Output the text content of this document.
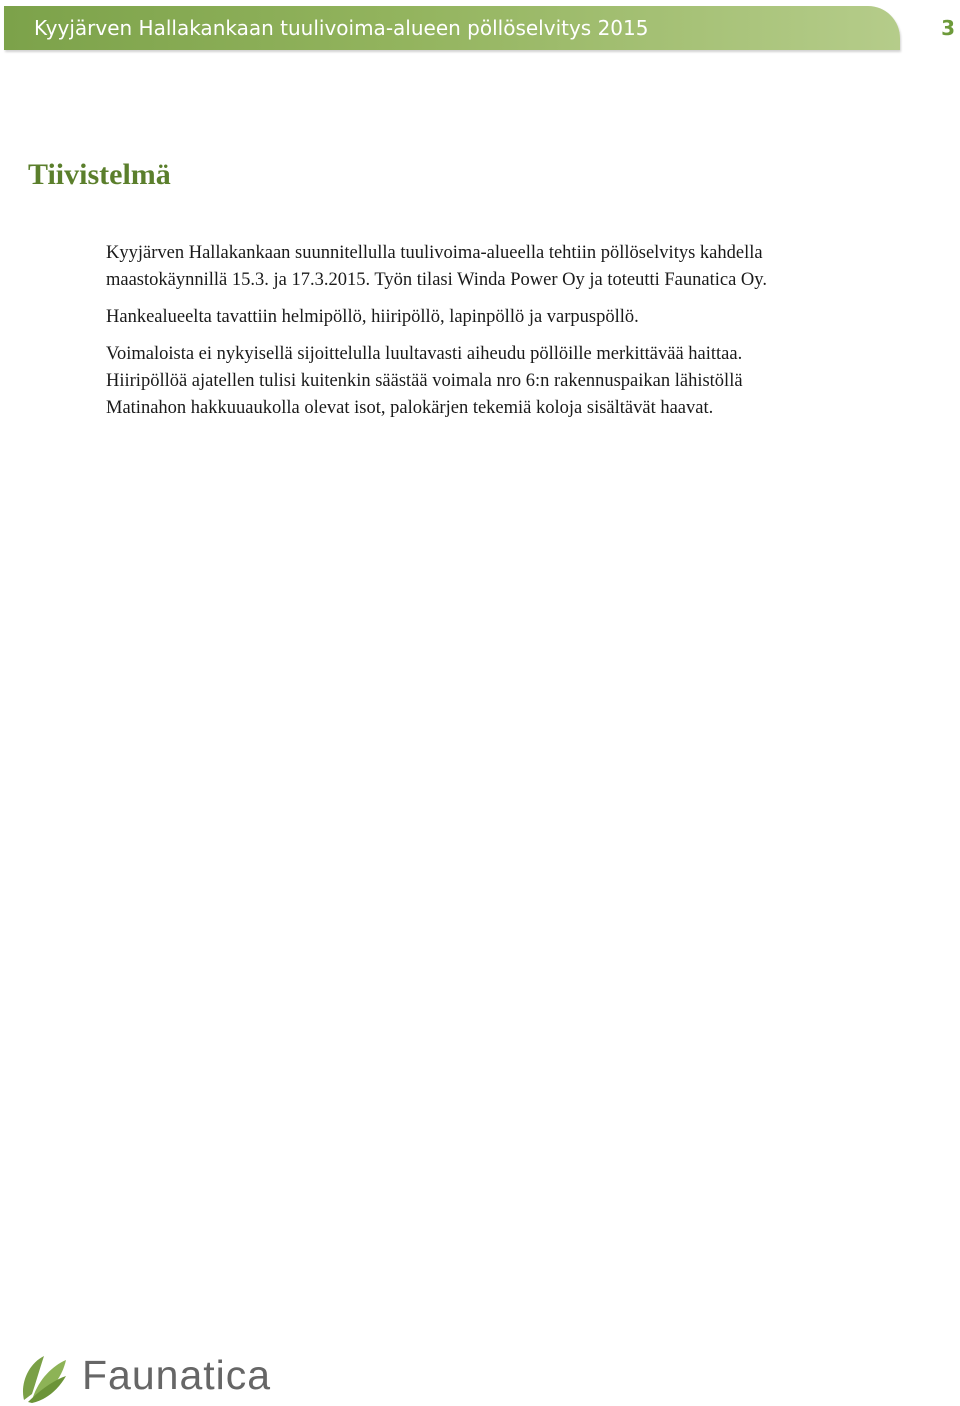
Kyyjärven Hallakankaan tuulivoima-alueen pöllöselvitys 2015	3
Tiivistelmä

Kyyjärven Hallakankaan suunnitellulla tuulivoima-alueella tehtiin pöllöselvitys kahdella
maastokäynnillä 15.3. ja 17.3.2015. Työn tilasi Winda Power Oy ja toteutti Faunatica Oy.

Hankealueelta tavattiin helmipöllö, hiiripöllö, lapinpöllö ja varpuspöllö.

Voimaloista ei nykyisellä sijoittelulla luultavasti aiheudu pöllöille merkittävää haittaa.
Hiiripöllöä ajatellen tulisi kuitenkin säästää voimala nro 6:n rakennuspaikan lähistöllä
Matinahon hakkuuaukolla olevat isot, palokärjen tekemiä koloja sisältävät haavat.

Faunatica
